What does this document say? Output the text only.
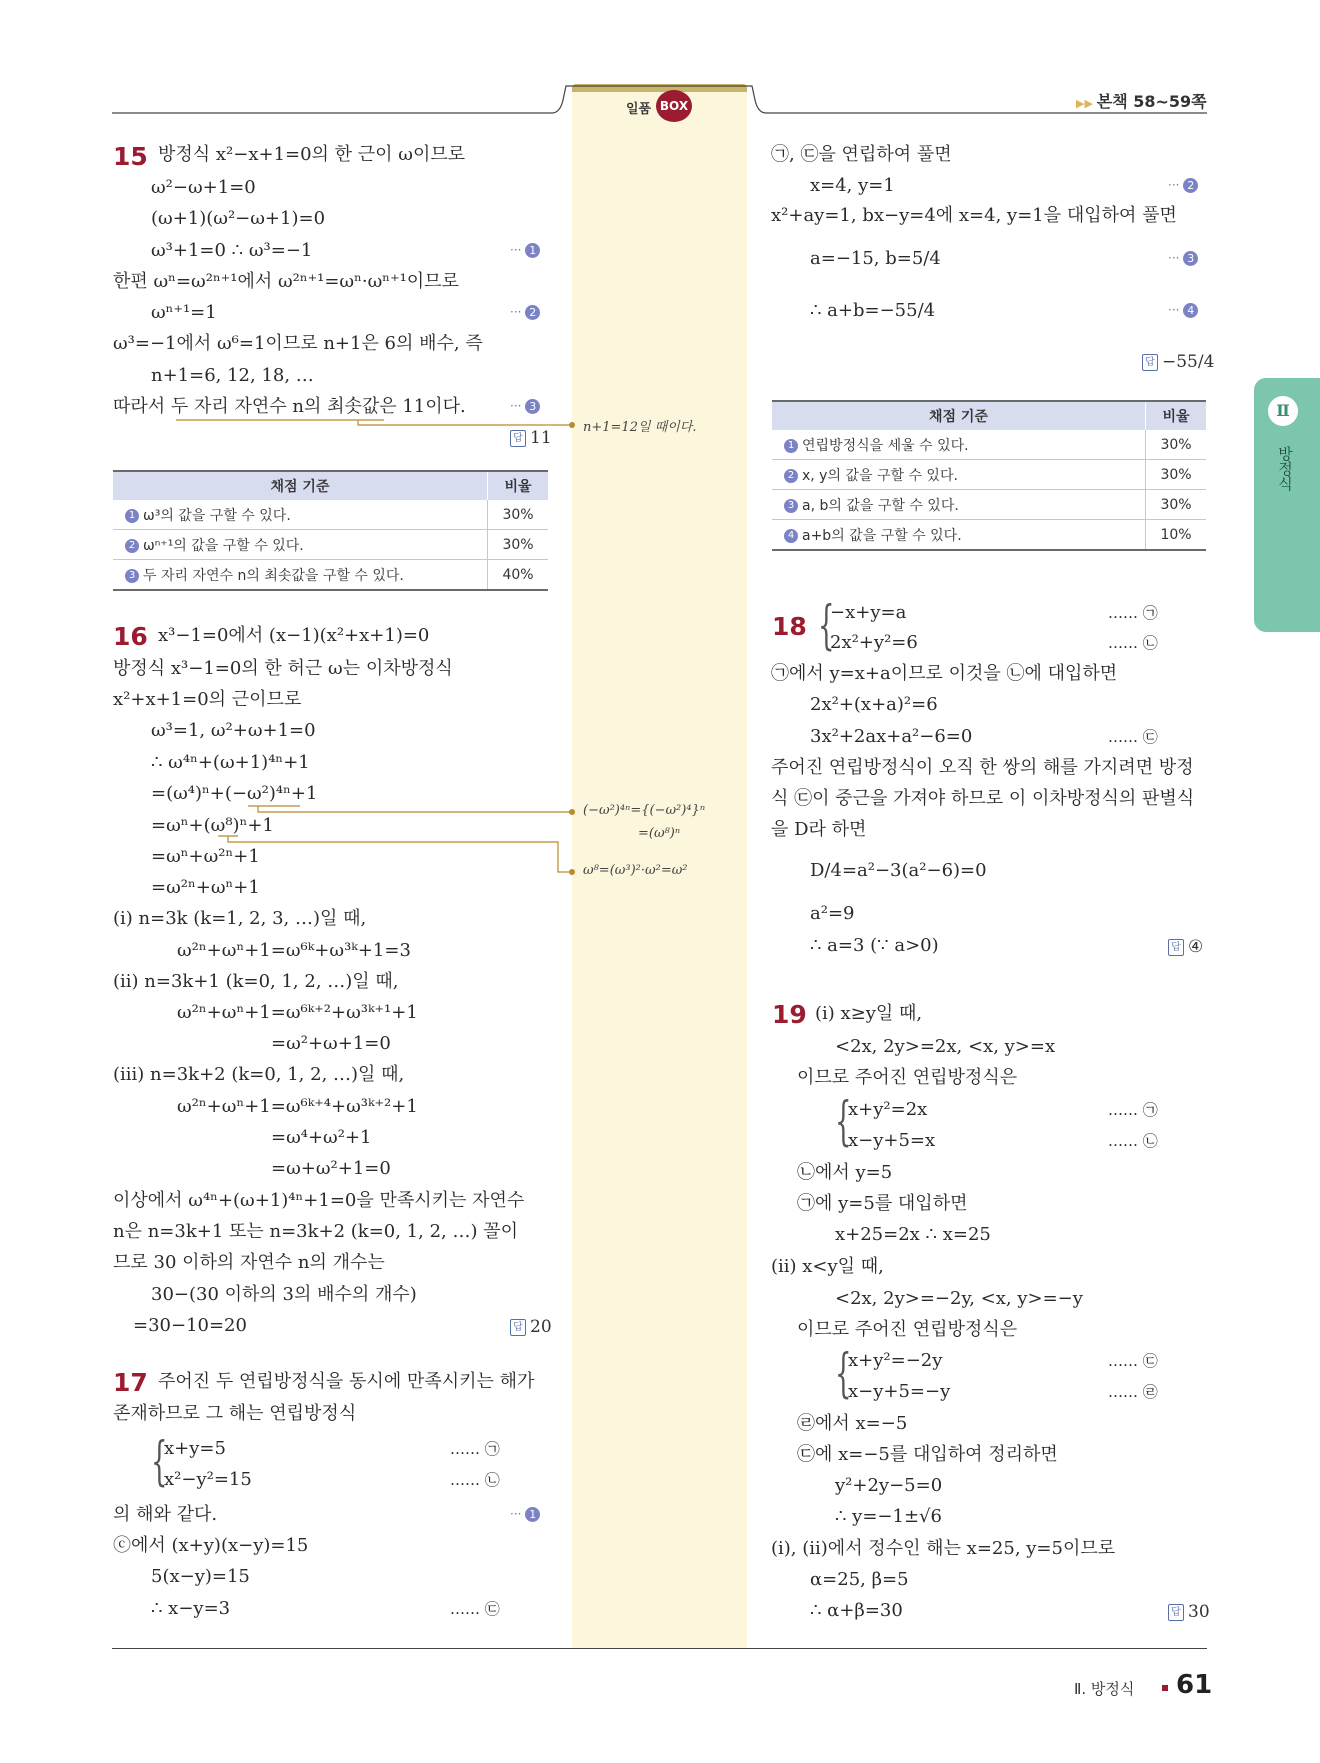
일품 BOX	▶▶ 본책 58~59쪽
Ⅱ
방정식
15 방정식 x²−x+1=0의 한 근이 ω이므로
ω²−ω+1=0
(ω+1)(ω²−ω+1)=0
ω³+1=0 ∴ ω³=−1
한편 ωⁿ=ω²ⁿ⁺¹에서 ω²ⁿ⁺¹=ωⁿ·ωⁿ⁺¹이므로
ωⁿ⁺¹=1
ω³=−1에서 ω⁶=1이므로 n+1은 6의 배수, 즉
n+1=6, 12, 18, …
따라서 두 자리 자연수 n의 최솟값은 11이다.
··· 1
··· 2
··· 3
n+1=12일 때이다.
답 11
채점 기준	비율
1 ω³의 값을 구할 수 있다.	30%
2 ωⁿ⁺¹의 값을 구할 수 있다.	30%
3 두 자리 자연수 n의 최솟값을 구할 수 있다.	40%
16 x³−1=0에서 (x−1)(x²+x+1)=0
방정식 x³−1=0의 한 허근 ω는 이차방정식
x²+x+1=0의 근이므로
ω³=1, ω²+ω+1=0
∴ ω⁴ⁿ+(ω+1)⁴ⁿ+1
=(ω⁴)ⁿ+(−ω²)⁴ⁿ+1
=ωⁿ+(ω⁸)ⁿ+1
=ωⁿ+ω²ⁿ+1
=ω²ⁿ+ωⁿ+1
(i) n=3k (k=1, 2, 3, …)일 때,
ω²ⁿ+ωⁿ+1=ω⁶ᵏ+ω³ᵏ+1=3
(ii) n=3k+1 (k=0, 1, 2, …)일 때,
ω²ⁿ+ωⁿ+1=ω⁶ᵏ⁺²+ω³ᵏ⁺¹+1
=ω²+ω+1=0
(iii) n=3k+2 (k=0, 1, 2, …)일 때,
ω²ⁿ+ωⁿ+1=ω⁶ᵏ⁺⁴+ω³ᵏ⁺²+1
=ω⁴+ω²+1
=ω+ω²+1=0
이상에서 ω⁴ⁿ+(ω+1)⁴ⁿ+1=0을 만족시키는 자연수
n은 n=3k+1 또는 n=3k+2 (k=0, 1, 2, …) 꼴이
므로 30 이하의 자연수 n의 개수는
30−(30 이하의 3의 배수의 개수)
=30−10=20	답 20
(−ω²)⁴ⁿ={(−ω²)⁴}ⁿ
=(ω⁸)ⁿ
ω⁸=(ω³)²·ω²=ω²
17 주어진 두 연립방정식을 동시에 만족시키는 해가
존재하므로 그 해는 연립방정식
{
x+y=5
x²−y²=15
…… ㉠
…… ㉡
의 해와 같다.	··· 1
ⓒ에서 (x+y)(x−y)=15
5(x−y)=15
∴ x−y=3	…… ㉢
㉠, ㉢을 연립하여 풀면
x=4, y=1	··· 2
x²+ay=1, bx−y=4에 x=4, y=1을 대입하여 풀면
a=−15, b=5/4	··· 3
∴ a+b=−55/4	··· 4
답 −55/4
채점 기준	비율
1 연립방정식을 세울 수 있다.	30%
2 x, y의 값을 구할 수 있다.	30%
3 a, b의 값을 구할 수 있다.	30%
4 a+b의 값을 구할 수 있다.	10%
18 {
−x+y=a
2x²+y²=6
…… ㉠
…… ㉡
㉠에서 y=x+a이므로 이것을 ㉡에 대입하면
2x²+(x+a)²=6
3x²+2ax+a²−6=0	…… ㉢
주어진 연립방정식이 오직 한 쌍의 해를 가지려면 방정
식 ㉢이 중근을 가져야 하므로 이 이차방정식의 판별식
을 D라 하면
D/4=a²−3(a²−6)=0
a²=9
∴ a=3 (∵ a>0)	답 ④
19 (i) x≥y일 때,
<2x, 2y>=2x, <x, y>=x
이므로 주어진 연립방정식은
{
x+y²=2x
x−y+5=x
…… ㉠
…… ㉡
㉡에서 y=5
㉠에 y=5를 대입하면
x+25=2x ∴ x=25
(ii) x<y일 때,
<2x, 2y>=−2y, <x, y>=−y
이므로 주어진 연립방정식은
{
x+y²=−2y
x−y+5=−y
…… ㉢
…… ㉣
㉣에서 x=−5
㉢에 x=−5를 대입하여 정리하면
y²+2y−5=0
∴ y=−1±√6
(i), (ii)에서 정수인 해는 x=25, y=5이므로
α=25, β=5
∴ α+β=30	답 30
Ⅱ. 방정식 61
